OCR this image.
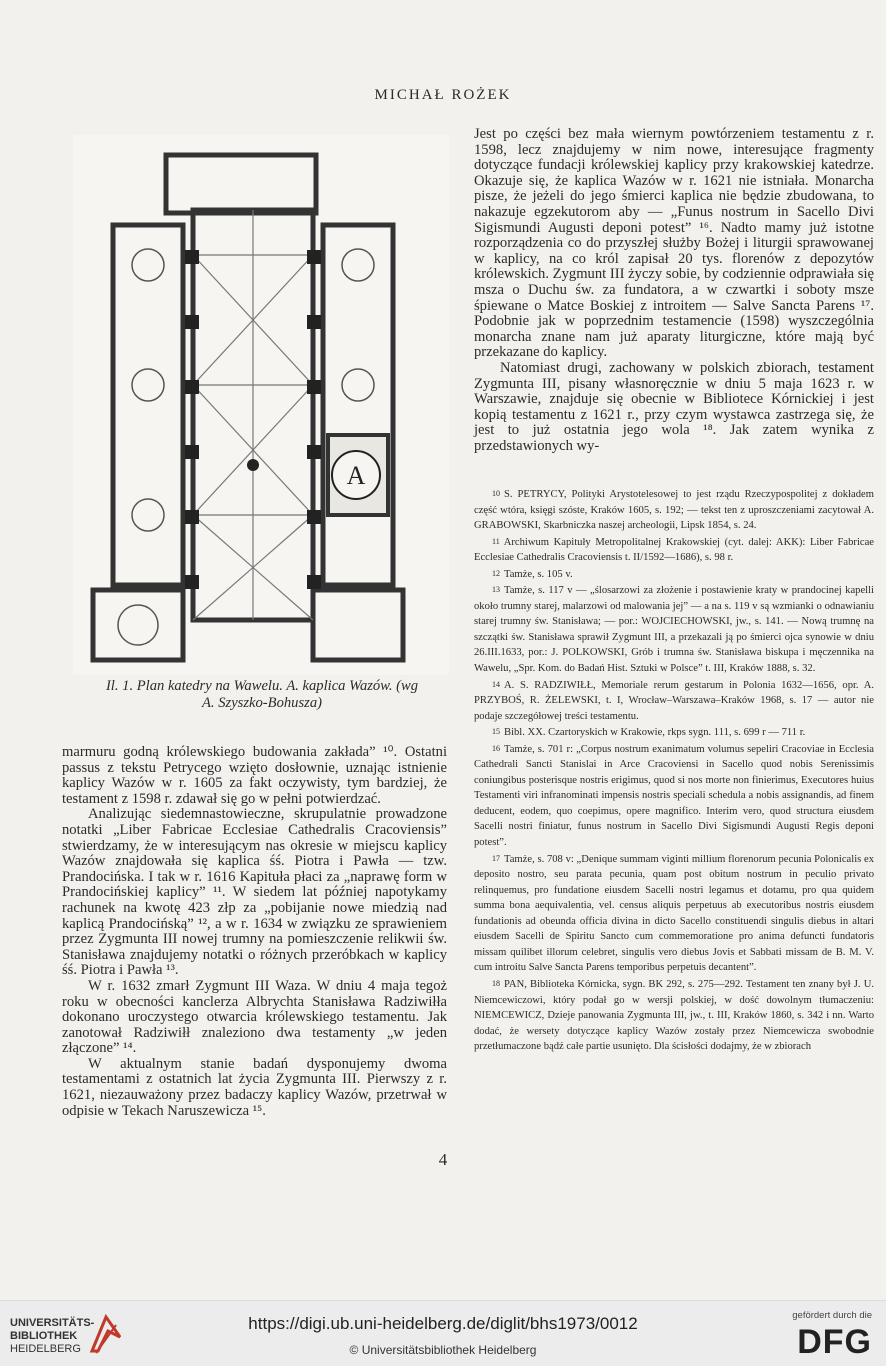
MICHAŁ ROŻEK
A
Il. 1. Plan katedry na Wawelu. A. kaplica Wazów. (wg
A. Szyszko-Bohusza)

Jest po części bez mała wiernym powtórzeniem testamentu z r. 1598, lecz znajdujemy w nim nowe, interesujące fragmenty dotyczące fundacji królewskiej kaplicy przy krakowskiej katedrze. Okazuje się, że kaplica Wazów w r. 1621 nie istniała. Monarcha pisze, że jeżeli do jego śmierci kaplica nie będzie zbudowana, to nakazuje egzekutorom aby — „Funus nostrum in Sacello Divi Sigismundi Augusti deponi potest” ¹⁶. Nadto mamy już istotne rozporządzenia co do przyszłej służby Bożej i liturgii sprawowanej w kaplicy, na co król zapisał 20 tys. florenów z depozytów królewskich. Zygmunt III życzy sobie, by codziennie odprawiała się msza o Duchu św. za fundatora, a w czwartki i soboty msze śpiewane o Matce Boskiej z introitem — Salve Sancta Parens ¹⁷. Podobnie jak w poprzednim testamencie (1598) wyszczególnia monarcha znane nam już aparaty liturgiczne, które mają być przekazane do kaplicy.

Natomiast drugi, zachowany w polskich zbiorach, testament Zygmunta III, pisany własnoręcznie w dniu 5 maja 1623 r. w Warszawie, znajduje się obecnie w Bibliotece Kórnickiej i jest kopią testamentu z 1621 r., przy czym wystawca zastrzega się, że jest to już ostatnia jego wola ¹⁸. Jak zatem wynika z przedstawionych wy-

10 S. PETRYCY, Polityki Arystotelesowej to jest rządu Rzeczypospolitej z dokładem część wtóra, księgi szóste, Kraków 1605, s. 192; — tekst ten z uproszczeniami zacytował A. GRABOWSKI, Skarbniczka naszej archeologii, Lipsk 1854, s. 24.

11 Archiwum Kapituły Metropolitalnej Krakowskiej (cyt. dalej: AKK): Liber Fabricae Ecclesiae Cathedralis Cracoviensis t. II/1592—1686), s. 98 r.

12 Tamże, s. 105 v.

13 Tamże, s. 117 v — „ślosarzowi za złożenie i postawienie kraty w prandocinej kapelli około trumny starej, malarzowi od malowania jej” — a na s. 119 v są wzmianki o odnawianiu starej trumny św. Stanisława; — por.: WOJCIECHOWSKI, jw., s. 141. — Nową trumnę na szczątki św. Stanisława sprawił Zygmunt III, a przekazali ją po śmierci ojca synowie w dniu 26.III.1633, por.: J. POLKOWSKI, Grób i trumna św. Stanisława biskupa i męczennika na Wawelu, „Spr. Kom. do Badań Hist. Sztuki w Polsce” t. III, Kraków 1888, s. 32.

14 A. S. RADZIWIŁŁ, Memoriale rerum gestarum in Polonia 1632—1656, opr. A. PRZYBOŚ, R. ŻELEWSKI, t. I, Wrocław–Warszawa–Kraków 1968, s. 17 — autor nie podaje szczegółowej treści testamentu.

15 Bibl. XX. Czartoryskich w Krakowie, rkps sygn. 111, s. 699 r — 711 r.

16 Tamże, s. 701 r: „Corpus nostrum exanimatum volumus sepeliri Cracoviae in Ecclesia Cathedrali Sancti Stanislai in Arce Cracoviensi in Sacello quod nobis Serenissimis coniungibus posterisque nostris erigimus, quod si nos morte non finierimus, Executores huius Testamenti viri infranominati impensis nostris speciali schedula a nobis assignandis, ad finem deducent, eodem, quo coepimus, opere magnifico. Interim vero, quod structura eiusdem Sacelli nostri finiatur, funus nostrum in Sacello Divi Sigismundi Augusti Regis deponi potest”.

17 Tamże, s. 708 v: „Denique summam viginti millium florenorum pecunia Polonicalis ex deposito nostro, seu parata pecunia, quam post obitum nostrum in peculio privato relinquemus, pro fundatione eiusdem Sacelli nostri legamus et dotamu, pro qua quidem summa bona aequivalentia, vel. census aliquis perpetuus ab executoribus nostris eiusdem fundationis ad obeunda officia divina in dicto Sacello constituendi singulis diebus in altari eiusdem Sacelli de Spiritu Sancto cum commemoratione pro anima defuncti fundatoris missam quilibet illorum celebret, singulis vero diebus Jovis et Sabbati missam de B. M. V. cum introitu Salve Sancta Parens temporibus perpetuis decantent”.

18 PAN, Biblioteka Kórnicka, sygn. BK 292, s. 275—292. Testament ten znany był J. U. Niemcewiczowi, który podał go w wersji polskiej, w dość dowolnym tłumaczeniu: NIEMCEWICZ, Dzieje panowania Zygmunta III, jw., t. III, Kraków 1860, s. 342 i nn. Warto dodać, że wersety dotyczące kaplicy Wazów zostały przez Niemcewicza swobodnie przetłumaczone bądź całe partie usunięto. Dla ścisłości dodajmy, że w zbiorach

marmuru godną królewskiego budowania zakłada” ¹⁰. Ostatni passus z tekstu Petrycego wzięto dosłownie, uznając istnienie kaplicy Wazów w r. 1605 za fakt oczywisty, tym bardziej, że testament z 1598 r. zdawał się go w pełni potwierdzać.

Analizując siedemnastowieczne, skrupulatnie prowadzone notatki „Liber Fabricae Ecclesiae Cathedralis Cracoviensis” stwierdzamy, że w interesującym nas okresie w miejscu kaplicy Wazów znajdowała się kaplica śś. Piotra i Pawła — tzw. Prandocińska. I tak w r. 1616 Kapituła płaci za „naprawę form w Prandocińskiej kaplicy” ¹¹. W siedem lat później napotykamy rachunek na kwotę 423 złp za „pobijanie nowe miedzią nad kaplicą Prandocińską” ¹², a w r. 1634 w związku ze sprawieniem przez Zygmunta III nowej trumny na pomieszczenie relikwii św. Stanisława znajdujemy notatki o różnych przeróbkach w kaplicy śś. Piotra i Pawła ¹³.

W r. 1632 zmarł Zygmunt III Waza. W dniu 4 maja tegoż roku w obecności kanclerza Albrychta Stanisława Radziwiłła dokonano uroczystego otwarcia królewskiego testamentu. Jak zanotował Radziwiłł znaleziono dwa testamenty „w jeden złączone” ¹⁴.

W aktualnym stanie badań dysponujemy dwoma testamentami z ostatnich lat życia Zygmunta III. Pierwszy z r. 1621, niezauważony przez badaczy kaplicy Wazów, przetrwał w odpisie w Tekach Naruszewicza ¹⁵.

4
UNIVERSITÄTS-
BIBLIOTHEK
HEIDELBERG
https://digi.ub.uni-heidelberg.de/diglit/bhs1973/0012
© Universitätsbibliothek Heidelberg
gefördert durch die
DFG
